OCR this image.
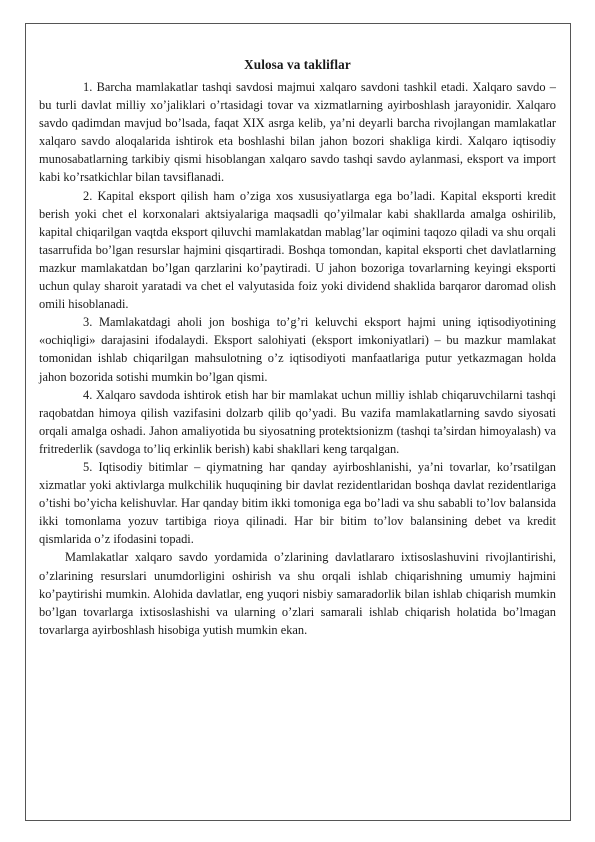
Xulosa va takliflar

1. Barcha mamlakatlar tashqi savdosi majmui xalqaro savdoni tashkil etadi. Xalqaro savdo – bu turli davlat milliy xo’jaliklari o’rtasidagi tovar va xizmatlarning ayirboshlash jarayonidir. Xalqaro savdo qadimdan mavjud bo’lsada, faqat XIX asrga kelib, ya’ni deyarli barcha rivojlangan mamlakatlar xalqaro savdo aloqalarida ishtirok eta boshlashi bilan jahon bozori shakliga kirdi. Xalqaro iqtisodiy munosabatlarning tarkibiy qismi hisoblangan xalqaro savdo tashqi savdo aylanmasi, eksport va import kabi ko’rsatkichlar bilan tavsiflanadi.

2. Kapital eksport qilish ham o’ziga xos xususiyatlarga ega bo’ladi. Kapital eksporti kredit berish yoki chet el korxonalari aktsiyalariga maqsadli qo’yilmalar kabi shakllarda amalga oshirilib, kapital chiqarilgan vaqtda eksport qiluvchi mamlakatdan mablag’lar oqimini taqozo qiladi va shu orqali tasarrufida bo’lgan resurslar hajmini qisqartiradi. Boshqa tomondan, kapital eksporti chet davlatlarning mazkur mamlakatdan bo’lgan qarzlarini ko’paytiradi. U jahon bozoriga tovarlarning keyingi eksporti uchun qulay sharoit yaratadi va chet el valyutasida foiz yoki dividend shaklida barqaror daromad olish omili hisoblanadi.

3. Mamlakatdagi aholi jon boshiga to’g’ri keluvchi eksport hajmi uning iqtisodiyotining «ochiqligi» darajasini ifodalaydi. Eksport salohiyati (eksport imkoniyatlari) – bu mazkur mamlakat tomonidan ishlab chiqarilgan mahsulotning o’z iqtisodiyoti manfaatlariga putur yetkazmagan holda jahon bozorida sotishi mumkin bo’lgan qismi.

4. Xalqaro savdoda ishtirok etish har bir mamlakat uchun milliy ishlab chiqaruvchilarni tashqi raqobatdan himoya qilish vazifasini dolzarb qilib qo’yadi. Bu vazifa mamlakatlarning savdo siyosati orqali amalga oshadi. Jahon amaliyotida bu siyosatning protektsionizm (tashqi ta’sirdan himoyalash) va fritrederlik (savdoga to’liq erkinlik berish) kabi shakllari keng tarqalgan.

5. Iqtisodiy bitimlar – qiymatning har qanday ayirboshlanishi, ya’ni tovarlar, ko’rsatilgan xizmatlar yoki aktivlarga mulkchilik huquqining bir davlat rezidentlaridan boshqa davlat rezidentlariga o’tishi bo’yicha kelishuvlar. Har qanday bitim ikki tomoniga ega bo’ladi va shu sababli to’lov balansida ikki tomonlama yozuv tartibiga rioya qilinadi. Har bir bitim to’lov balansining debet va kredit qismlarida o’z ifodasini topadi.

Mamlakatlar xalqaro savdo yordamida o’zlarining davlatlararo ixtisoslashuvini rivojlantirishi, o’zlarining resurslari unumdorligini oshirish va shu orqali ishlab chiqarishning umumiy hajmini ko’paytirishi mumkin. Alohida davlatlar, eng yuqori nisbiy samaradorlik bilan ishlab chiqarish mumkin bo’lgan tovarlarga ixtisoslashishi va ularning o’zlari samarali ishlab chiqarish holatida bo’lmagan tovarlarga ayirboshlash hisobiga yutish mumkin ekan.
